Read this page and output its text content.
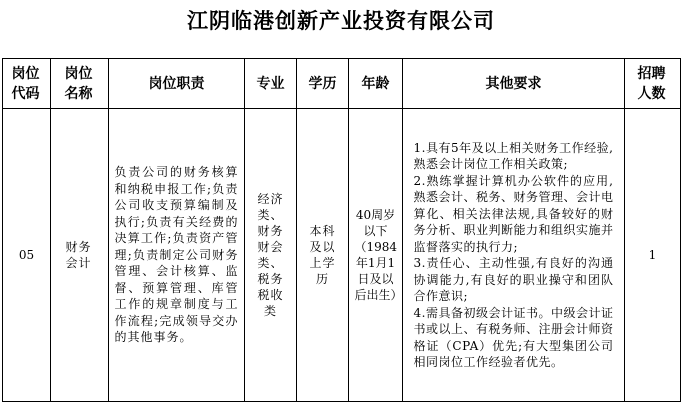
江阴临港创新产业投资有限公司
岗位代码	岗位名称	岗位职责	专业	学历	年龄	其他要求	招聘人数
05	财务会计	负责公司的财务核算和纳税申报工作;负责公司收支预算编制及执行;负责有关经费的决算工作;负责资产管理;负责制定公司财务管理、会计核算、监督、预算管理、库管工作的规章制度与工作流程;完成领导交办的其他事务。	经济类、财务财会类、税务税收类	本科及以上学历	40周岁以下（1984年1月1日及以后出生）	1.具有5年及以上相关财务工作经验,熟悉会计岗位工作相关政策;
2.熟练掌握计算机办公软件的应用,熟悉会计、税务、财务管理、会计电算化、相关法律法规,具备较好的财务分析、职业判断能力和组织实施并监督落实的执行力;
3.责任心、主动性强,有良好的沟通协调能力,有良好的职业操守和团队合作意识;
4.需具备初级会计证书。中级会计证书或以上、有税务师、注册会计师资格证（CPA）优先;有大型集团公司相同岗位工作经验者优先。	1
